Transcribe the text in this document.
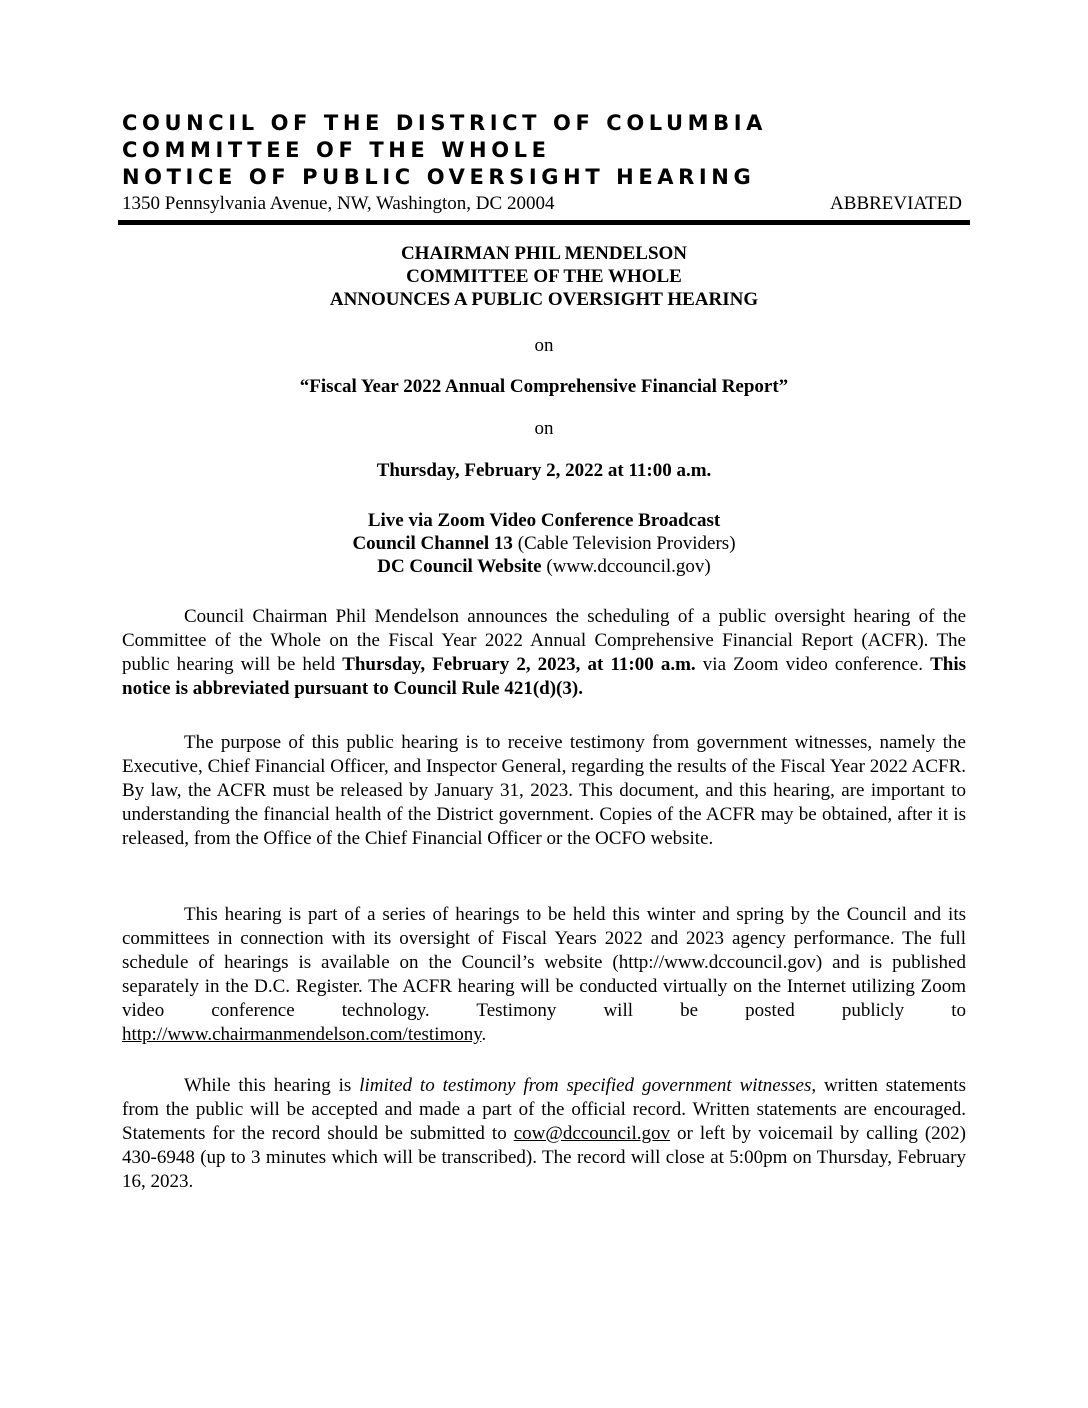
COUNCIL OF THE DISTRICT OF COLUMBIA
COMMITTEE OF THE WHOLE
NOTICE OF PUBLIC OVERSIGHT HEARING
1350 Pennsylvania Avenue, NW, Washington, DC 20004	ABBREVIATED
CHAIRMAN PHIL MENDELSON
COMMITTEE OF THE WHOLE
ANNOUNCES A PUBLIC OVERSIGHT HEARING
on
“Fiscal Year 2022 Annual Comprehensive Financial Report”
on
Thursday, February 2, 2022 at 11:00 a.m.
Live via Zoom Video Conference Broadcast
Council Channel 13 (Cable Television Providers)
DC Council Website (www.dccouncil.gov)
Council Chairman Phil Mendelson announces the scheduling of a public oversight hearing of the Committee of the Whole on the Fiscal Year 2022 Annual Comprehensive Financial Report (ACFR). The public hearing will be held Thursday, February 2, 2023, at 11:00 a.m. via Zoom video conference. This notice is abbreviated pursuant to Council Rule 421(d)(3).
The purpose of this public hearing is to receive testimony from government witnesses, namely the Executive, Chief Financial Officer, and Inspector General, regarding the results of the Fiscal Year 2022 ACFR. By law, the ACFR must be released by January 31, 2023. This document, and this hearing, are important to understanding the financial health of the District government. Copies of the ACFR may be obtained, after it is released, from the Office of the Chief Financial Officer or the OCFO website.
This hearing is part of a series of hearings to be held this winter and spring by the Council and its committees in connection with its oversight of Fiscal Years 2022 and 2023 agency performance. The full schedule of hearings is available on the Council’s website (http://www.dccouncil.gov) and is published separately in the D.C. Register. The ACFR hearing will be conducted virtually on the Internet utilizing Zoom video conference technology. Testimony will be posted publicly to http://www.chairmanmendelson.com/testimony.
While this hearing is limited to testimony from specified government witnesses, written statements from the public will be accepted and made a part of the official record. Written statements are encouraged. Statements for the record should be submitted to cow@dccouncil.gov or left by voicemail by calling (202) 430-6948 (up to 3 minutes which will be transcribed). The record will close at 5:00pm on Thursday, February 16, 2023.
